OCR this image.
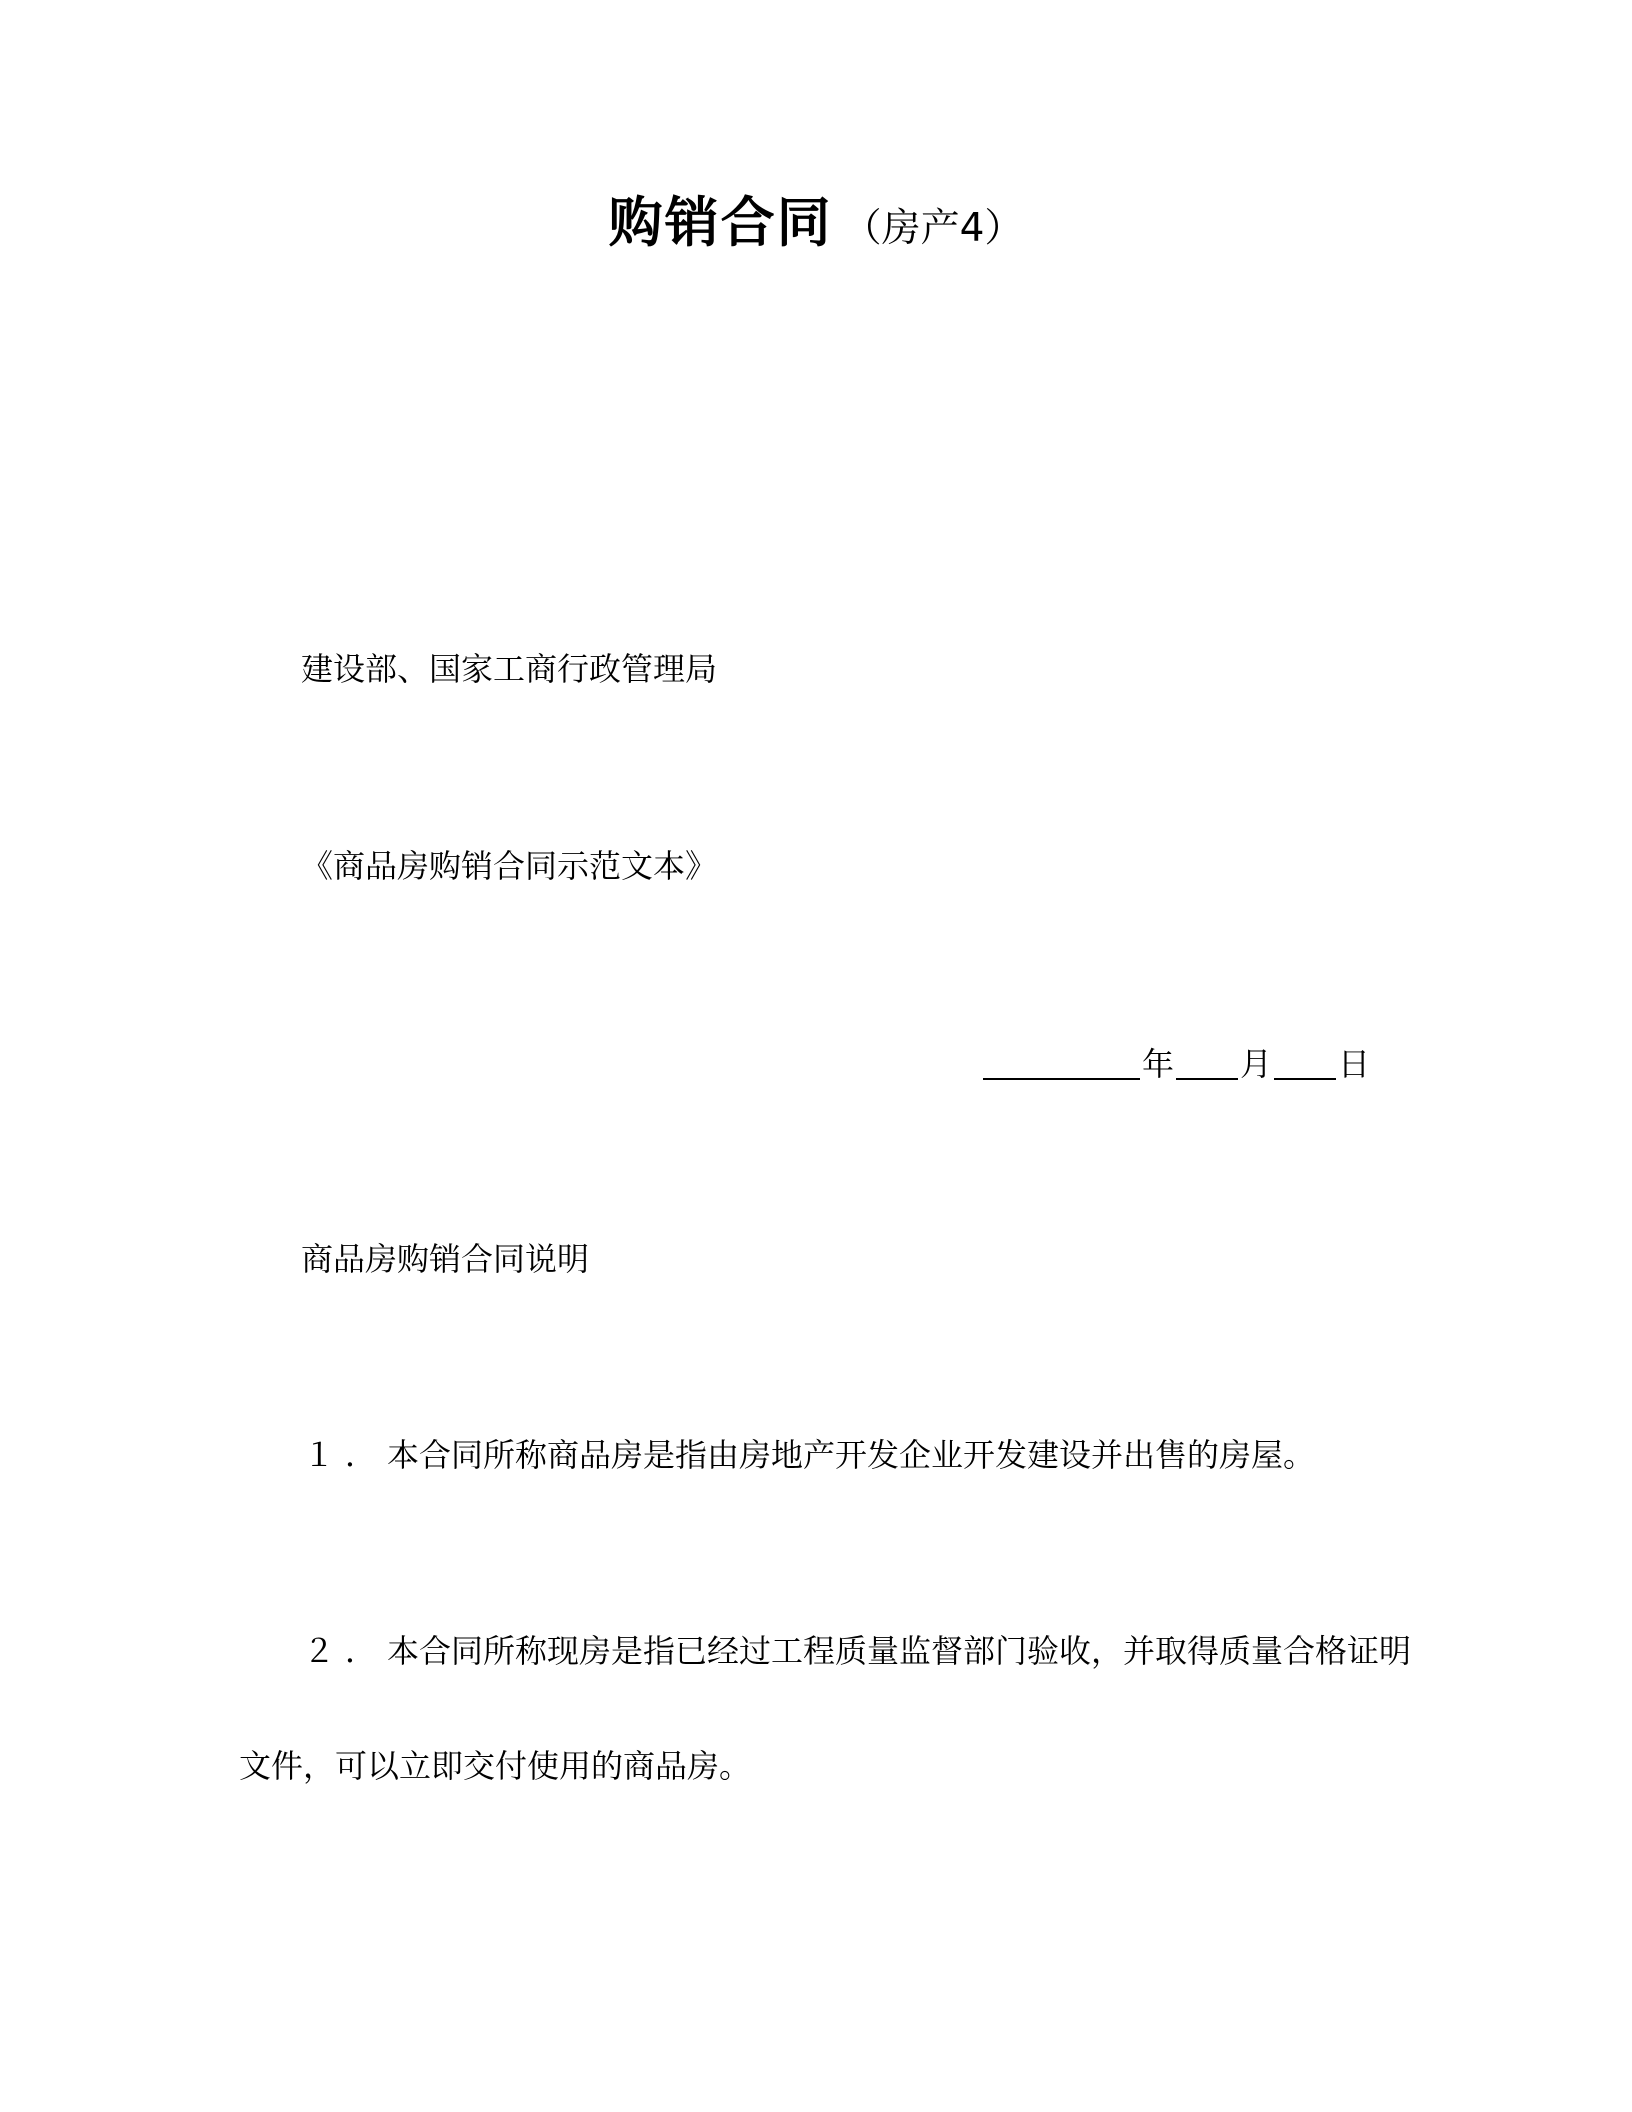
购销合同 （房产4）
建设部、国家工商行政管理局
《商品房购销合同示范文本》
年 月 日
商品房购销合同说明
１．本合同所称商品房是指由房地产开发企业开发建设并出售的房屋。
２．本合同所称现房是指已经过工程质量监督部门验收，并取得质量合格证明
文件，可以立即交付使用的商品房。
